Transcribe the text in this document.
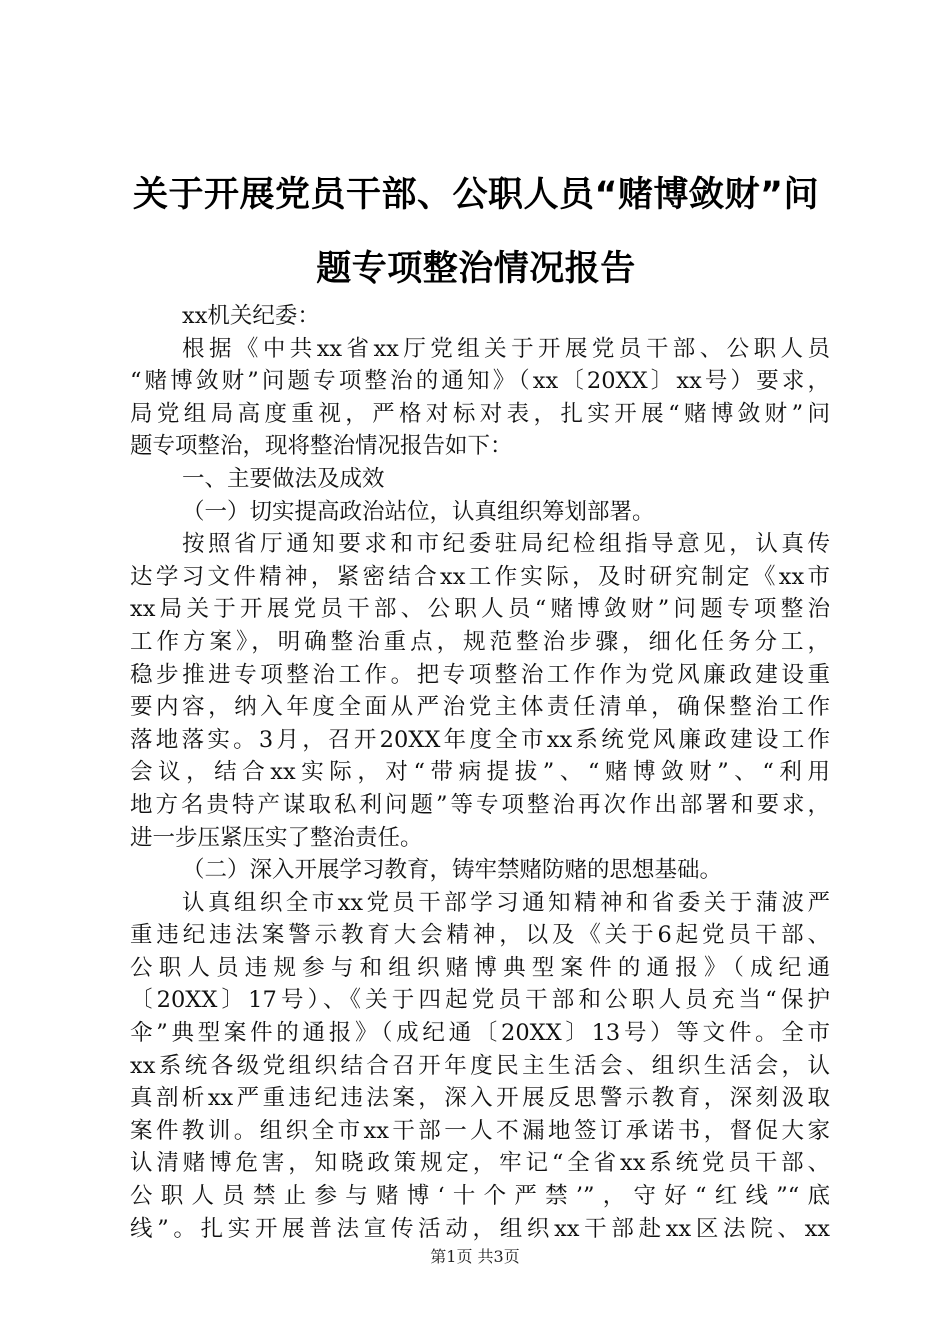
关于开展党员干部、公职人员“赌博敛财”问
题专项整治情况报告
xx机关纪委：
根据《中共xx省xx厅党组关于开展党员干部、公职人员
“赌博敛财”问题专项整治的通知》（xx〔20XX〕xx号）要求，
局党组局高度重视，严格对标对表，扎实开展“赌博敛财”问
题专项整治，现将整治情况报告如下：
一、主要做法及成效
（一）切实提高政治站位，认真组织筹划部署。
按照省厅通知要求和市纪委驻局纪检组指导意见，认真传
达学习文件精神，紧密结合xx工作实际，及时研究制定《xx市
xx局关于开展党员干部、公职人员“赌博敛财”问题专项整治
工作方案》，明确整治重点，规范整治步骤，细化任务分工，
稳步推进专项整治工作。把专项整治工作作为党风廉政建设重
要内容，纳入年度全面从严治党主体责任清单，确保整治工作
落地落实。3月，召开20XX年度全市xx系统党风廉政建设工作
会议，结合xx实际，对“带病提拔”、“赌博敛财”、“利用
地方名贵特产谋取私利问题”等专项整治再次作出部署和要求，
进一步压紧压实了整治责任。
（二）深入开展学习教育，铸牢禁赌防赌的思想基础。
认真组织全市xx党员干部学习通知精神和省委关于蒲波严
重违纪违法案警示教育大会精神，以及《关于6起党员干部、
公职人员违规参与和组织赌博典型案件的通报》（成纪通
〔20XX〕17号）、《关于四起党员干部和公职人员充当“保护
伞”典型案件的通报》（成纪通〔20XX〕13号）等文件。全市
xx系统各级党组织结合召开年度民主生活会、组织生活会，认
真剖析xx严重违纪违法案，深入开展反思警示教育，深刻汲取
案件教训。组织全市xx干部一人不漏地签订承诺书，督促大家
认清赌博危害，知晓政策规定，牢记“全省xx系统党员干部、
公职人员禁止参与赌博‘十个严禁’”，守好“红线”“底
线”。扎实开展普法宣传活动，组织xx干部赴xx区法院、xx
第1页 共3页
